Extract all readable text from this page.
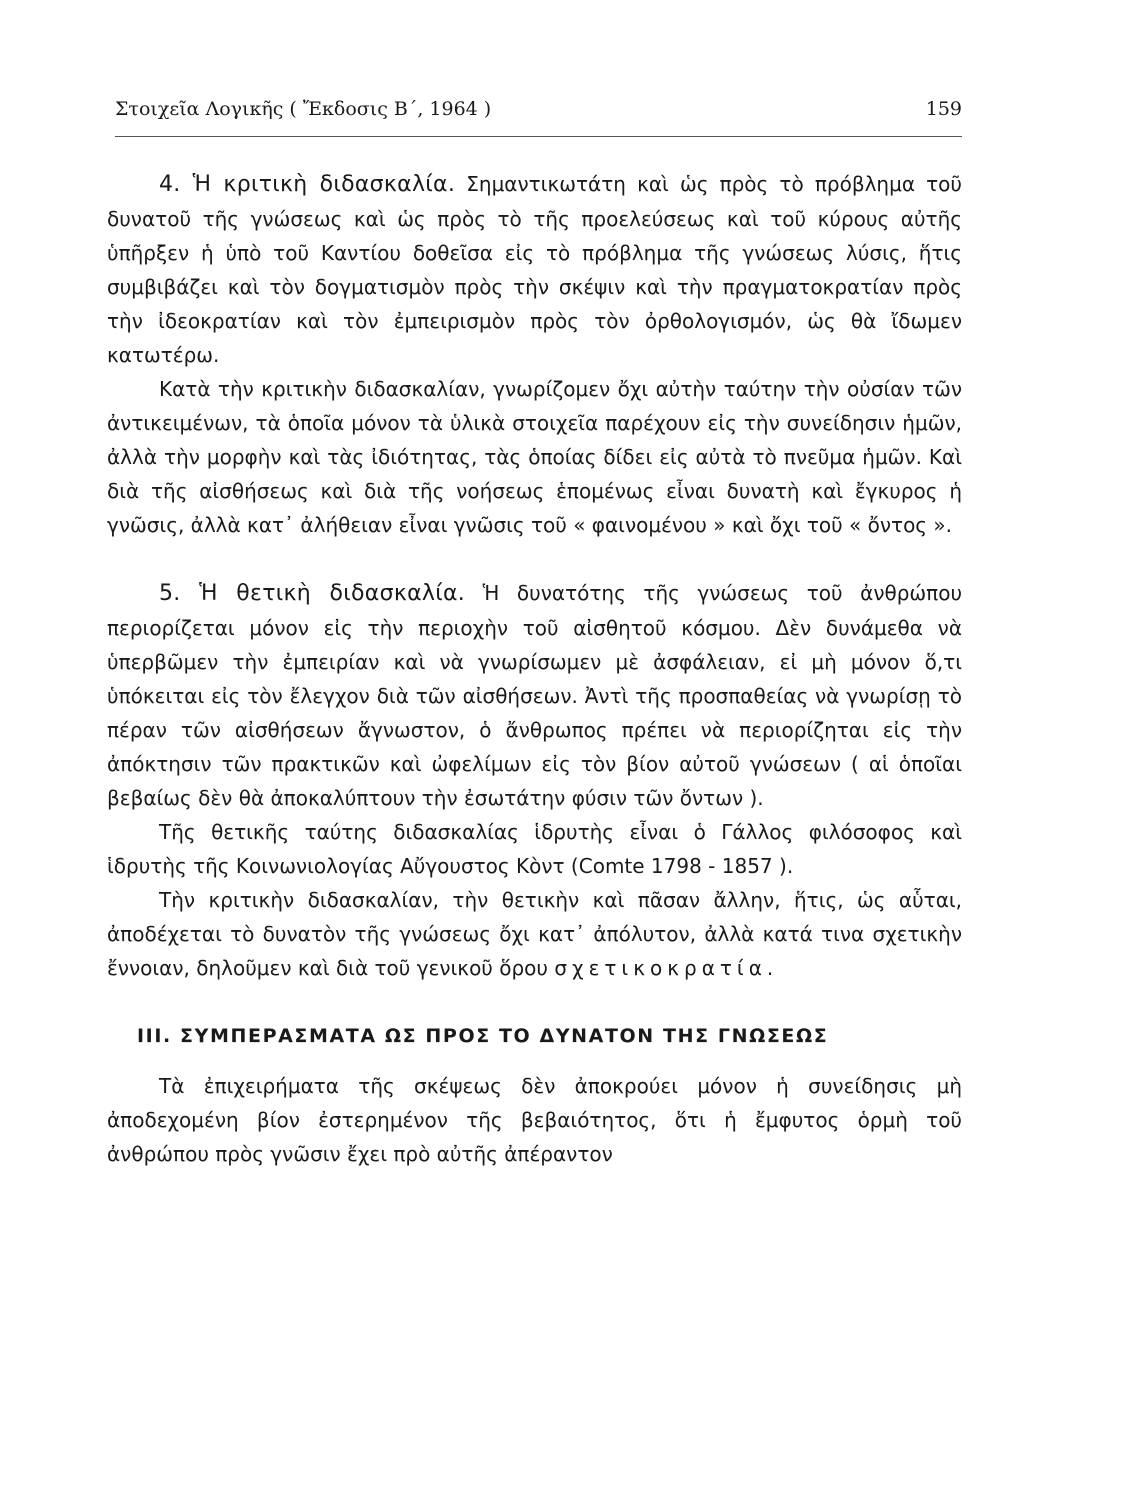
Στοιχεῖα Λογικῆς ( Ἔκδοσις Β΄, 1964 )	159

4. Ἡ κριτικὴ διδασκαλία. Σημαντικωτάτη καὶ ὡς πρὸς τὸ πρόβλημα τοῦ δυνατοῦ τῆς γνώσεως καὶ ὡς πρὸς τὸ τῆς προελεύσεως καὶ τοῦ κύρους αὐτῆς ὑπῆρξεν ἡ ὑπὸ τοῦ Καντίου δοθεῖσα εἰς τὸ πρόβλημα τῆς γνώσεως λύσις, ἥτις συμβιβάζει καὶ τὸν δογματισμὸν πρὸς τὴν σκέψιν καὶ τὴν πραγματοκρατίαν πρὸς τὴν ἰδεοκρατίαν καὶ τὸν ἐμπειρισμὸν πρὸς τὸν ὀρθολογισμόν, ὡς θὰ ἴδωμεν κατωτέρω.

Κατὰ τὴν κριτικὴν διδασκαλίαν, γνωρίζομεν ὄχι αὐτὴν ταύτην τὴν οὐσίαν τῶν ἀντικειμένων, τὰ ὁποῖα μόνον τὰ ὑλικὰ στοιχεῖα παρέχουν εἰς τὴν συνείδησιν ἡμῶν, ἀλλὰ τὴν μορφὴν καὶ τὰς ἰδιότητας, τὰς ὁποίας δίδει εἰς αὐτὰ τὸ πνεῦμα ἡμῶν. Καὶ διὰ τῆς αἰσθήσεως καὶ διὰ τῆς νοήσεως ἑπομένως εἶναι δυνατὴ καὶ ἔγκυρος ἡ γνῶσις, ἀλλὰ κατ᾽ ἀλήθειαν εἶναι γνῶσις τοῦ « φαινομένου » καὶ ὄχι τοῦ « ὄντος ».

5. Ἡ θετικὴ διδασκαλία. Ἡ δυνατότης τῆς γνώσεως τοῦ ἀνθρώπου περιορίζεται μόνον εἰς τὴν περιοχὴν τοῦ αἰσθητοῦ κόσμου. Δὲν δυνάμεθα νὰ ὑπερβῶμεν τὴν ἐμπειρίαν καὶ νὰ γνωρίσωμεν μὲ ἀσφάλειαν, εἰ μὴ μόνον ὅ,τι ὑπόκειται εἰς τὸν ἔλεγχον διὰ τῶν αἰσθήσεων. Ἀντὶ τῆς προσπαθείας νὰ γνωρίσῃ τὸ πέραν τῶν αἰσθήσεων ἄγνωστον, ὁ ἄνθρωπος πρέπει νὰ περιορίζηται εἰς τὴν ἀπόκτησιν τῶν πρακτικῶν καὶ ὠφελίμων εἰς τὸν βίον αὐτοῦ γνώσεων ( αἱ ὁποῖαι βεβαίως δὲν θὰ ἀποκαλύπτουν τὴν ἐσωτάτην φύσιν τῶν ὄντων ).

Τῆς θετικῆς ταύτης διδασκαλίας ἱδρυτὴς εἶναι ὁ Γάλλος φιλόσοφος καὶ ἱδρυτὴς τῆς Κοινωνιολογίας Αὔγουστος Κὸντ (Comte 1798 - 1857 ).

Τὴν κριτικὴν διδασκαλίαν, τὴν θετικὴν καὶ πᾶσαν ἄλλην, ἥτις, ὡς αὗται, ἀποδέχεται τὸ δυνατὸν τῆς γνώσεως ὄχι κατ᾽ ἀπόλυτον, ἀλλὰ κατά τινα σχετικὴν ἔννοιαν, δηλοῦμεν καὶ διὰ τοῦ γενικοῦ ὅρου σχετικοκρατία.

ΙΙΙ. ΣΥΜΠΕΡΑΣΜΑΤΑ ΩΣ ΠΡΟΣ ΤΟ ΔΥΝΑΤΟΝ ΤΗΣ ΓΝΩΣΕΩΣ

Τὰ ἐπιχειρήματα τῆς σκέψεως δὲν ἀποκρούει μόνον ἡ συνείδησις μὴ ἀποδεχομένη βίον ἐστερημένον τῆς βεβαιότητος, ὅτι ἡ ἔμφυτος ὁρμὴ τοῦ ἀνθρώπου πρὸς γνῶσιν ἔχει πρὸ αὐτῆς ἀπέραντον
